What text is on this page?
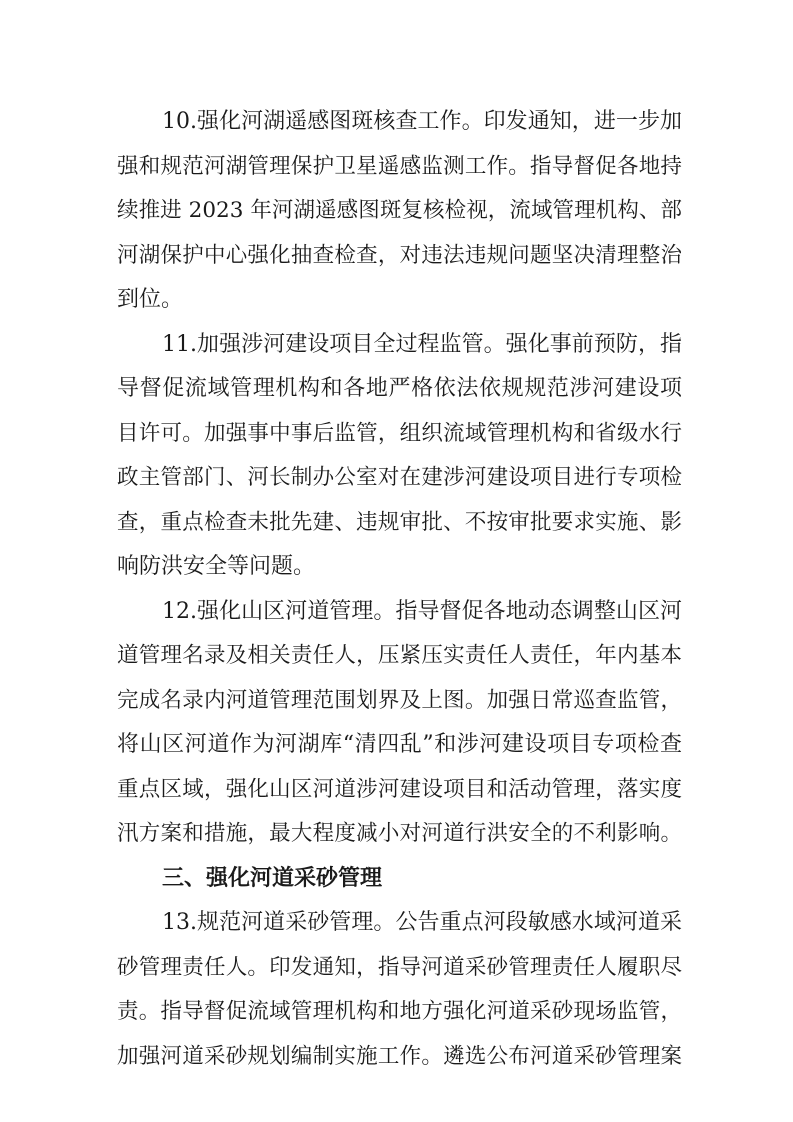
10.强化河湖遥感图斑核查工作。印发通知，进一步加
强和规范河湖管理保护卫星遥感监测工作。指导督促各地持
续推进 2023 年河湖遥感图斑复核检视，流域管理机构、部
河湖保护中心强化抽查检查，对违法违规问题坚决清理整治
到位。
11.加强涉河建设项目全过程监管。强化事前预防，指
导督促流域管理机构和各地严格依法依规规范涉河建设项
目许可。加强事中事后监管，组织流域管理机构和省级水行
政主管部门、河长制办公室对在建涉河建设项目进行专项检
查，重点检查未批先建、违规审批、不按审批要求实施、影
响防洪安全等问题。
12.强化山区河道管理。指导督促各地动态调整山区河
道管理名录及相关责任人，压紧压实责任人责任，年内基本
完成名录内河道管理范围划界及上图。加强日常巡查监管，
将山区河道作为河湖库“清四乱”和涉河建设项目专项检查
重点区域，强化山区河道涉河建设项目和活动管理，落实度
汛方案和措施，最大程度减小对河道行洪安全的不利影响。
三、强化河道采砂管理
13.规范河道采砂管理。公告重点河段敏感水域河道采
砂管理责任人。印发通知，指导河道采砂管理责任人履职尽
责。指导督促流域管理机构和地方强化河道采砂现场监管，
加强河道采砂规划编制实施工作。遴选公布河道采砂管理案
